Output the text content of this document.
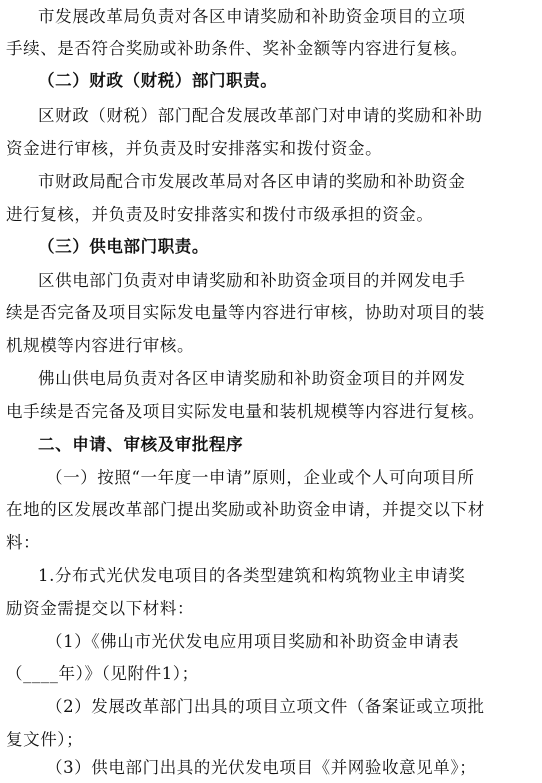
市发展改革局负责对各区申请奖励和补助资金项目的立项
手续、是否符合奖励或补助条件、奖补金额等内容进行复核。
（二）财政（财税）部门职责。
区财政（财税）部门配合发展改革部门对申请的奖励和补助
资金进行审核，并负责及时安排落实和拨付资金。
市财政局配合市发展改革局对各区申请的奖励和补助资金
进行复核，并负责及时安排落实和拨付市级承担的资金。
（三）供电部门职责。
区供电部门负责对申请奖励和补助资金项目的并网发电手
续是否完备及项目实际发电量等内容进行审核，协助对项目的装
机规模等内容进行审核。
佛山供电局负责对各区申请奖励和补助资金项目的并网发
电手续是否完备及项目实际发电量和装机规模等内容进行复核。
二、申请、审核及审批程序
（一）按照“一年度一申请”原则，企业或个人可向项目所
在地的区发展改革部门提出奖励或补助资金申请，并提交以下材
料：
1.分布式光伏发电项目的各类型建筑和构筑物业主申请奖
励资金需提交以下材料：
（1）《佛山市光伏发电应用项目奖励和补助资金申请表
（____年）》（见附件1）；
（2）发展改革部门出具的项目立项文件（备案证或立项批
复文件）；
（3）供电部门出具的光伏发电项目《并网验收意见单》；
